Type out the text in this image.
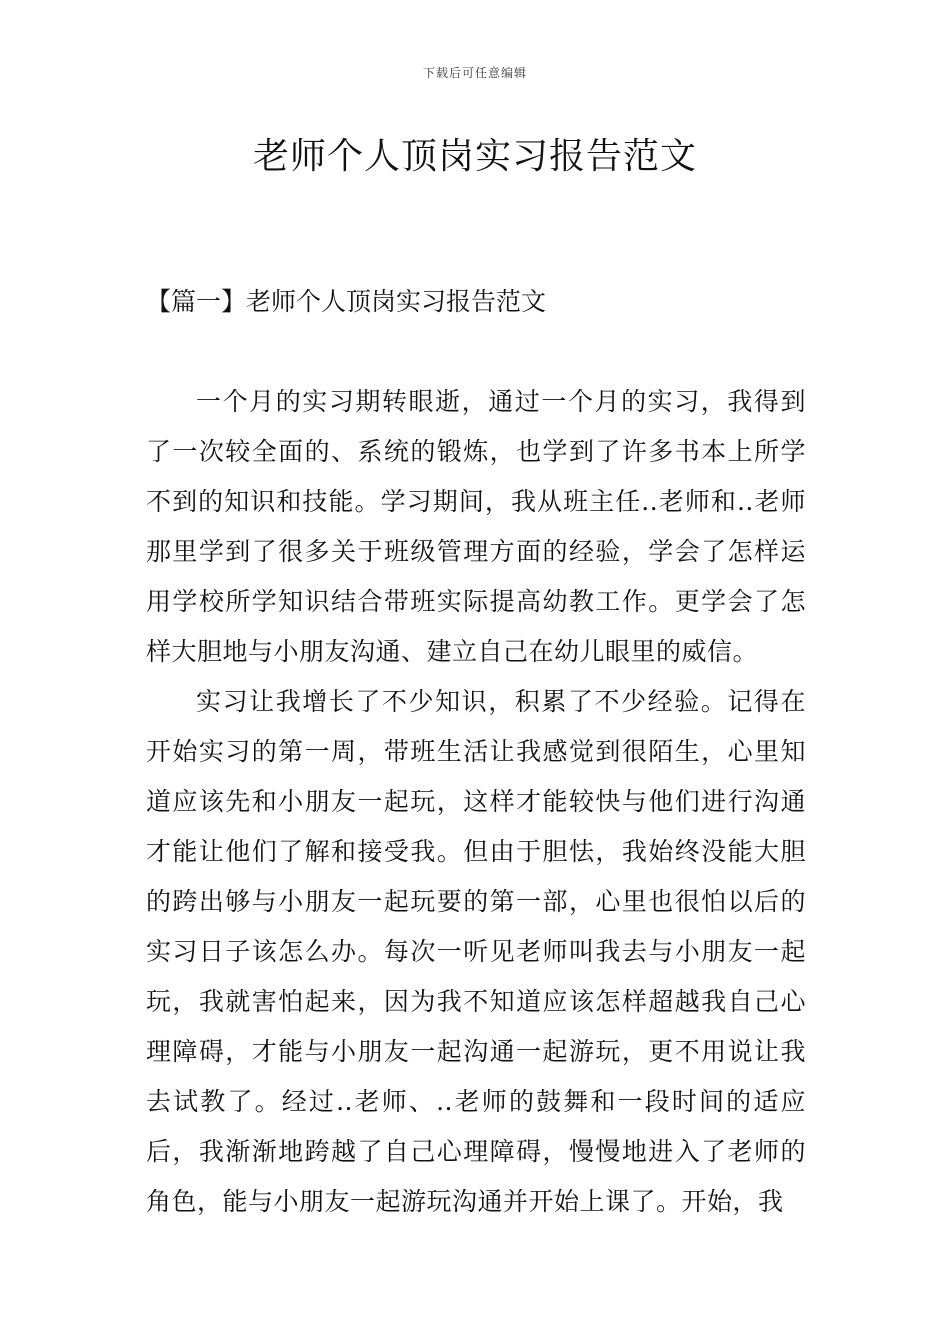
下载后可任意编辑
老师个人顶岗实习报告范文
【篇一】老师个人顶岗实习报告范文

一个月的实习期转眼逝，通过一个月的实习，我得到了一次较全面的、系统的锻炼，也学到了许多书本上所学不到的知识和技能。学习期间，我从班主任..老师和..老师那里学到了很多关于班级管理方面的经验，学会了怎样运用学校所学知识结合带班实际提高幼教工作。更学会了怎样大胆地与小朋友沟通、建立自己在幼儿眼里的威信。

实习让我增长了不少知识，积累了不少经验。记得在开始实习的第一周，带班生活让我感觉到很陌生，心里知道应该先和小朋友一起玩，这样才能较快与他们进行沟通才能让他们了解和接受我。但由于胆怯，我始终没能大胆的跨出够与小朋友一起玩要的第一部，心里也很怕以后的实习日子该怎么办。每次一听见老师叫我去与小朋友一起玩，我就害怕起来，因为我不知道应该怎样超越我自己心理障碍，才能与小朋友一起沟通一起游玩，更不用说让我去试教了。经过..老师、..老师的鼓舞和一段时间的适应后，我渐渐地跨越了自己心理障碍，慢慢地进入了老师的角色，能与小朋友一起游玩沟通并开始上课了。开始，我
